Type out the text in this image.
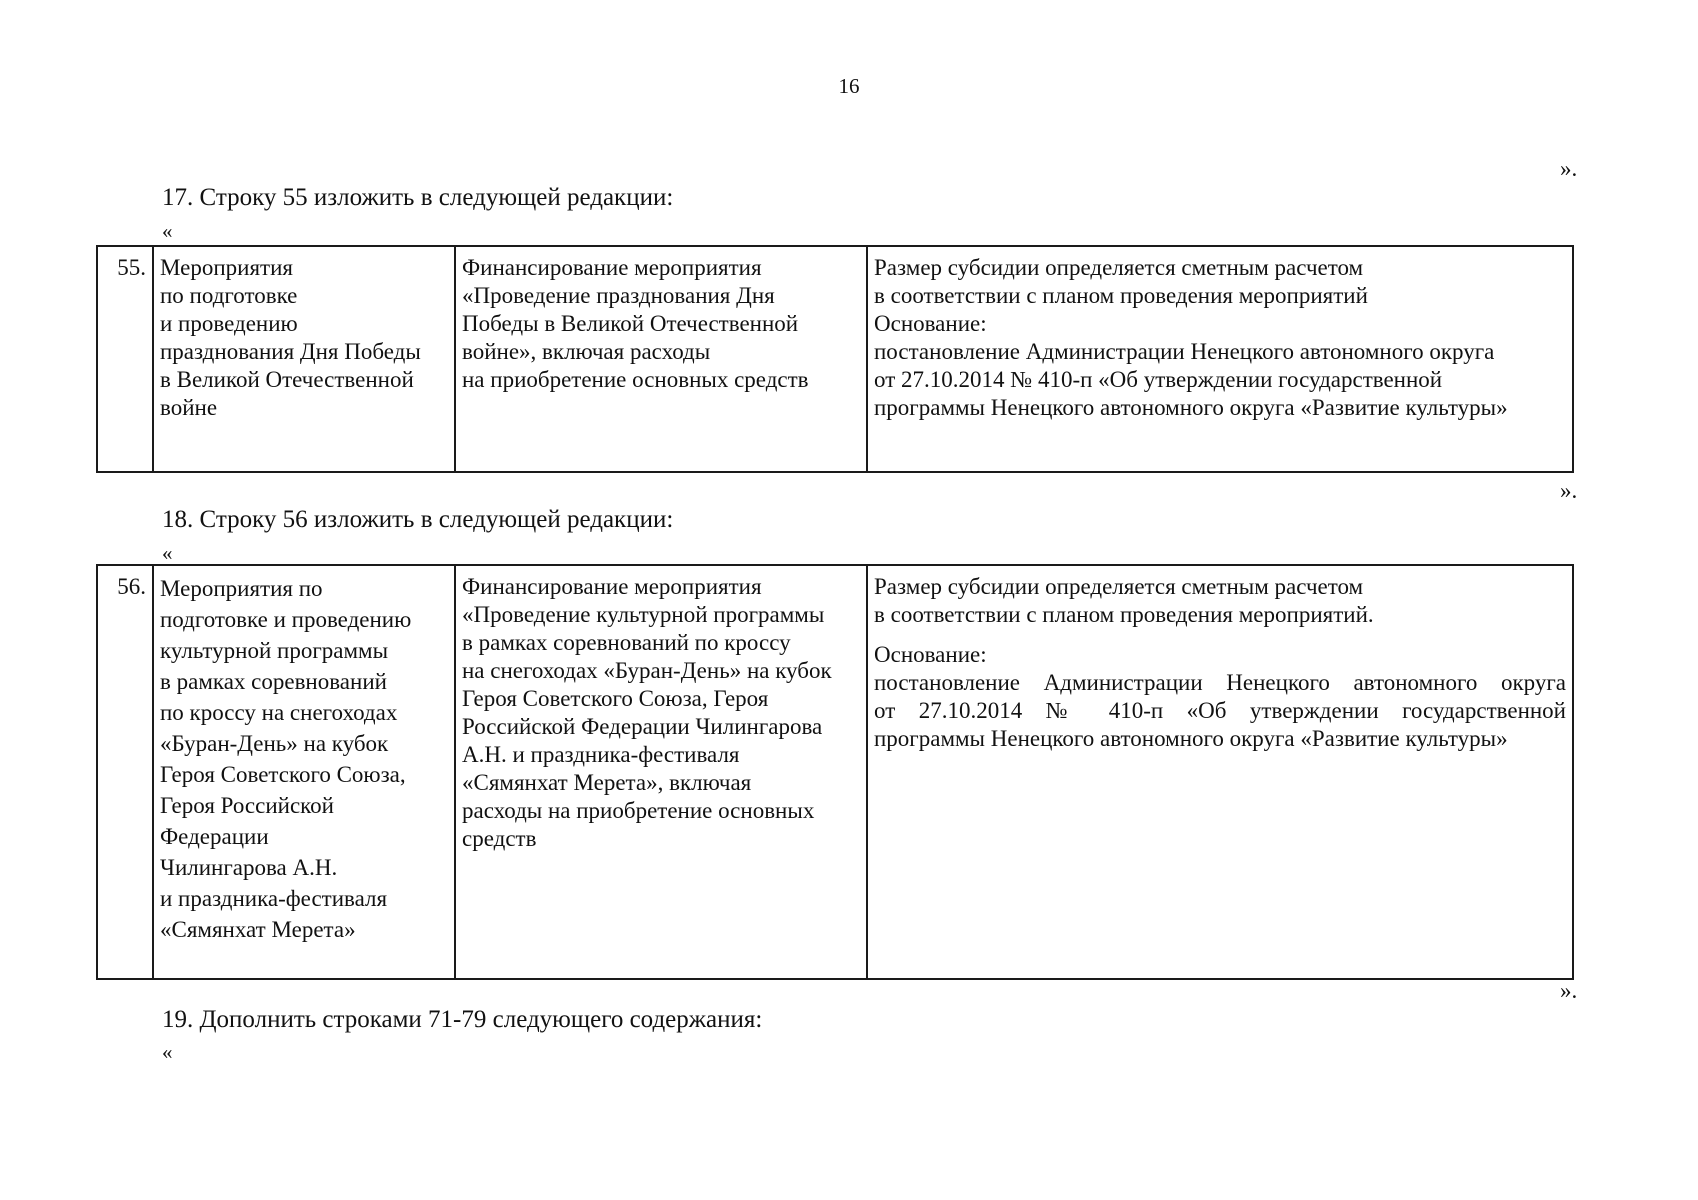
16
».
17. Строку 55 изложить в следующей редакции:
«
55.	Мероприятия
по подготовке
и проведению
празднования Дня Победы
в Великой Отечественной
войне

Финансирование мероприятия
«Проведение празднования Дня
Победы в Великой Отечественной
войне», включая расходы
на приобретение основных средств

Размер субсидии определяется сметным расчетом
в соответствии с планом проведения мероприятий
Основание:
постановление Администрации Ненецкого автономного округа
от 27.10.2014 № 410-п «Об утверждении государственной
программы Ненецкого автономного округа «Развитие культуры»
».
18. Строку 56 изложить в следующей редакции:
«
56.	Мероприятия по
подготовке и проведению
культурной программы
в рамках соревнований
по кроссу на снегоходах
«Буран-День» на кубок
Героя Советского Союза,
Героя Российской
Федерации
Чилингарова А.Н.
и праздника-фестиваля
«Сямянхат Мерета»

Финансирование мероприятия
«Проведение культурной программы
в рамках соревнований по кроссу
на снегоходах «Буран-День» на кубок
Героя Советского Союза, Героя
Российской Федерации Чилингарова
А.Н. и праздника-фестиваля
«Сямянхат Мерета», включая
расходы на приобретение основных
средств

Размер субсидии определяется сметным расчетом
в соответствии с планом проведения мероприятий.
Основание:
постановление Администрации Ненецкого автономного округа
от 27.10.2014 № 410-п «Об утверждении государственной
программы Ненецкого автономного округа «Развитие культуры»
».
19. Дополнить строками 71-79 следующего содержания:
«
